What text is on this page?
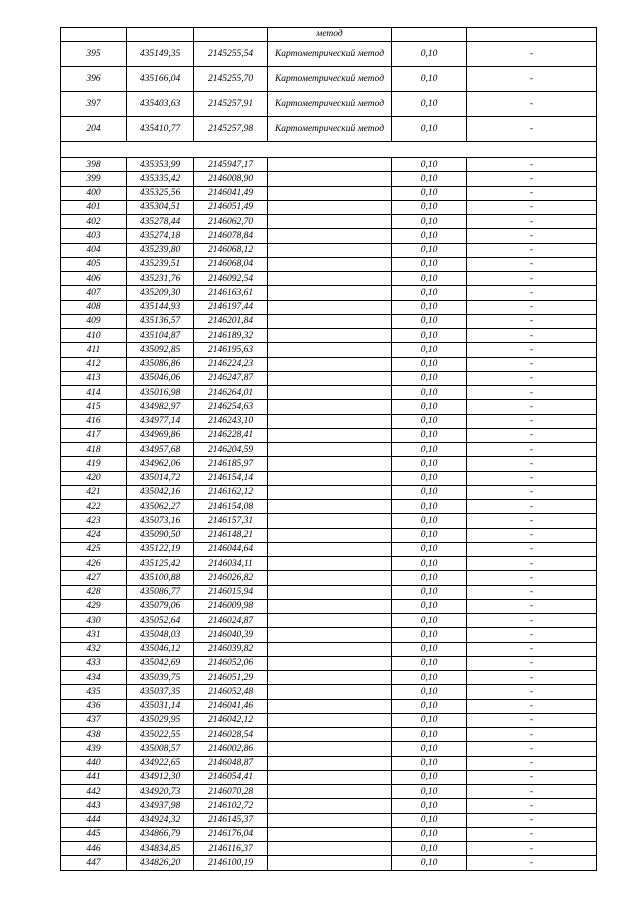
			метод		
395	435149,35	2145255,54	Картометрический метод	0,10	-
396	435166,04	2145255,70	Картометрический метод	0,10	-
397	435403,63	2145257,91	Картометрический метод	0,10	-
204	435410,77	2145257,98	Картометрический метод	0,10	-

398	435353,99	2145947,17		0,10	-
399	435335,42	2146008,90		0,10	-
400	435325,56	2146041,49		0,10	-
401	435304,51	2146051,49		0,10	-
402	435278,44	2146062,70		0,10	-
403	435274,18	2146078,84		0,10	-
404	435239,80	2146068,12		0,10	-
405	435239,51	2146068,04		0,10	-
406	435231,76	2146092,54		0,10	-
407	435209,30	2146163,61		0,10	-
408	435144,93	2146197,44		0,10	-
409	435136,57	2146201,84		0,10	-
410	435104,87	2146189,32		0,10	-
411	435092,85	2146195,63		0,10	-
412	435086,86	2146224,23		0,10	-
413	435046,06	2146247,87		0,10	-
414	435016,98	2146264,01		0,10	-
415	434982,97	2146254,63		0,10	-
416	434977,14	2146243,10		0,10	-
417	434969,86	2146228,41		0,10	-
418	434957,68	2146204,59		0,10	-
419	434962,06	2146185,97		0,10	-
420	435014,72	2146154,14		0,10	-
421	435042,16	2146162,12		0,10	-
422	435062,27	2146154,08		0,10	-
423	435073,16	2146157,31		0,10	-
424	435090,50	2146148,21		0,10	-
425	435122,19	2146044,64		0,10	-
426	435125,42	2146034,11		0,10	-
427	435100,88	2146026,82		0,10	-
428	435086,77	2146015,94		0,10	-
429	435079,06	2146009,98		0,10	-
430	435052,64	2146024,87		0,10	-
431	435048,03	2146040,39		0,10	-
432	435046,12	2146039,82		0,10	-
433	435042,69	2146052,06		0,10	-
434	435039,75	2146051,29		0,10	-
435	435037,35	2146052,48		0,10	-
436	435031,14	2146041,46		0,10	-
437	435029,95	2146042,12		0,10	-
438	435022,55	2146028,54		0,10	-
439	435008,57	2146002,86		0,10	-
440	434922,65	2146048,87		0,10	-
441	434912,30	2146054,41		0,10	-
442	434920,73	2146070,28		0,10	-
443	434937,98	2146102,72		0,10	-
444	434924,32	2146145,37		0,10	-
445	434866,79	2146176,04		0,10	-
446	434834,85	2146116,37		0,10	-
447	434826,20	2146100,19		0,10	-
